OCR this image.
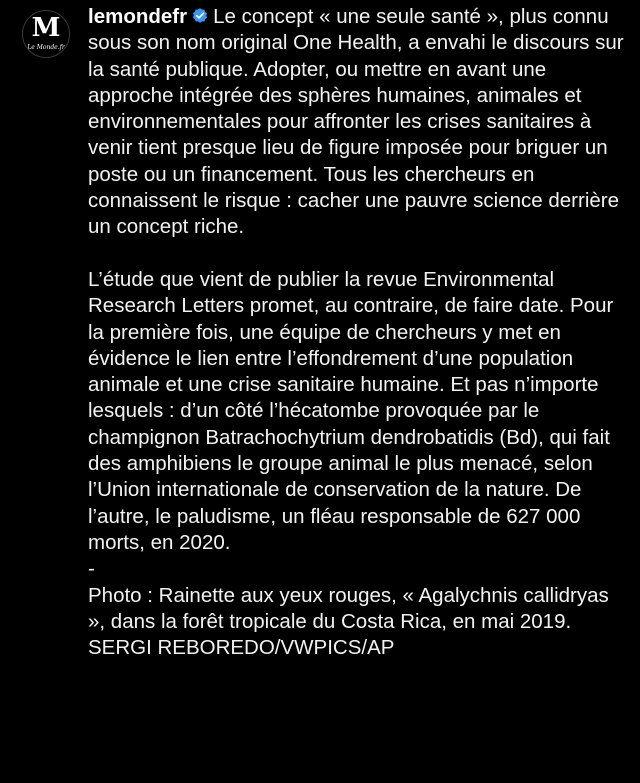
M
Le Monde.fr

lemondefr Le concept « une seule santé », plus connu sous son nom original One Health, a envahi le discours sur la santé publique. Adopter, ou mettre en avant une approche intégrée des sphères humaines, animales et environnementales pour affronter les crises sanitaires à venir tient presque lieu de figure imposée pour briguer un poste ou un financement. Tous les chercheurs en connaissent le risque : cacher une pauvre science derrière un concept riche.

L’étude que vient de publier la revue Environmental Research Letters promet, au contraire, de faire date. Pour la première fois, une équipe de chercheurs y met en évidence le lien entre l’effondrement d’une population animale et une crise sanitaire humaine. Et pas n’importe lesquels : d’un côté l’hécatombe provoquée par le champignon Batrachochytrium dendrobatidis (Bd), qui fait des amphibiens le groupe animal le plus menacé, selon l’Union internationale de conservation de la nature. De l’autre, le paludisme, un fléau responsable de 627 000 morts, en 2020.

-

Photo : Rainette aux yeux rouges, « Agalychnis callidryas », dans la forêt tropicale du Costa Rica, en mai 2019. SERGI REBOREDO/VWPICS/AP
